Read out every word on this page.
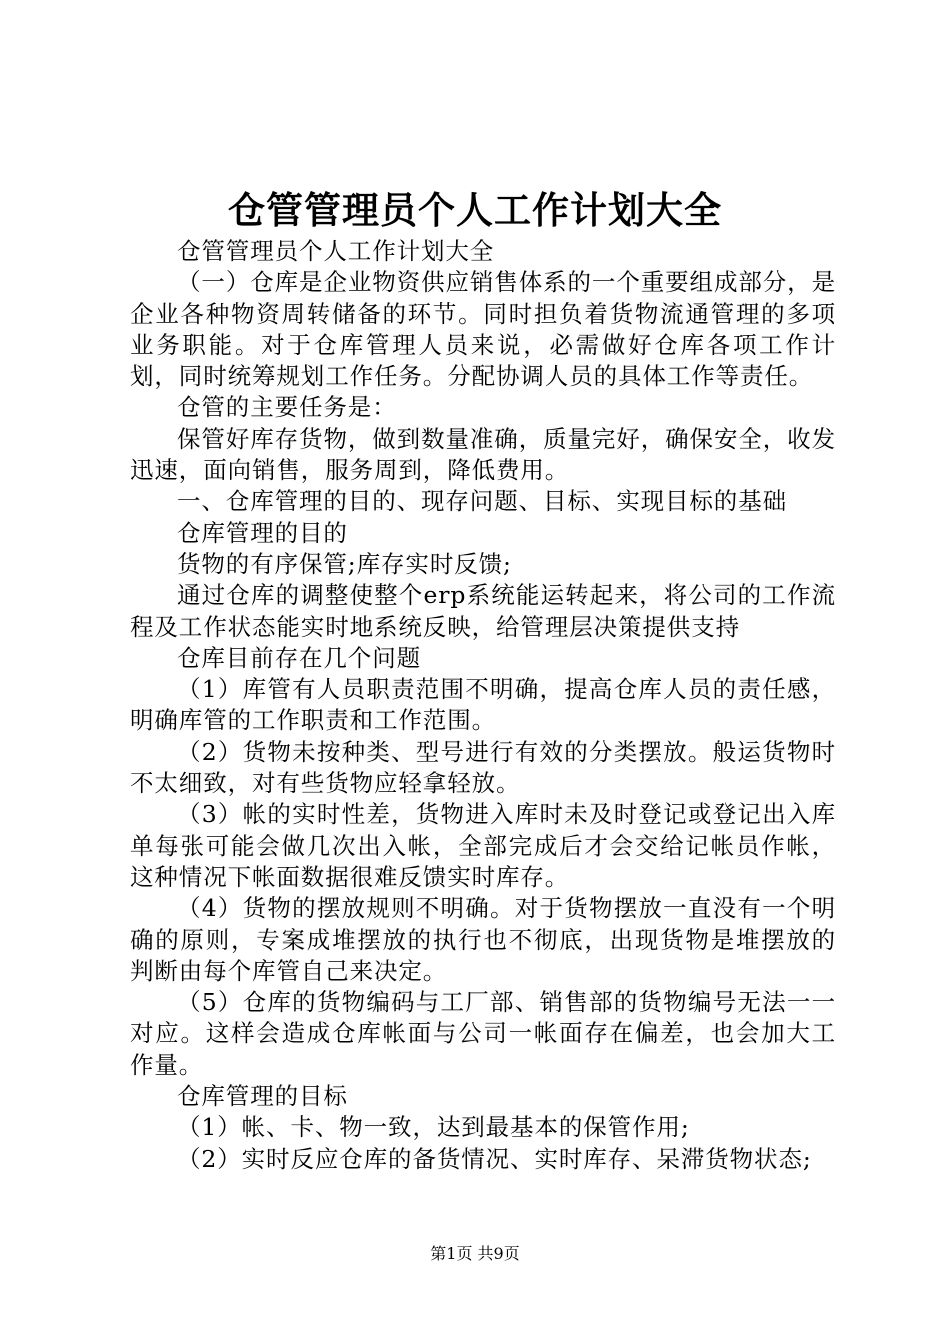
仓管管理员个人工作计划大全

仓管管理员个人工作计划大全

（一）仓库是企业物资供应销售体系的一个重要组成部分，是企业各种物资周转储备的环节。同时担负着货物流通管理的多项业务职能。对于仓库管理人员来说，必需做好仓库各项工作计划，同时统筹规划工作任务。分配协调人员的具体工作等责任。

仓管的主要任务是：

保管好库存货物，做到数量准确，质量完好，确保安全，收发迅速，面向销售，服务周到，降低费用。

一、仓库管理的目的、现存问题、目标、实现目标的基础

仓库管理的目的

货物的有序保管;库存实时反馈;

通过仓库的调整使整个erp系统能运转起来，将公司的工作流程及工作状态能实时地系统反映，给管理层决策提供支持

仓库目前存在几个问题

（1）库管有人员职责范围不明确，提高仓库人员的责任感，明确库管的工作职责和工作范围。

（2）货物未按种类、型号进行有效的分类摆放。般运货物时不太细致，对有些货物应轻拿轻放。

（3）帐的实时性差，货物进入库时未及时登记或登记出入库单每张可能会做几次出入帐，全部完成后才会交给记帐员作帐，这种情况下帐面数据很难反馈实时库存。

（4）货物的摆放规则不明确。对于货物摆放一直没有一个明确的原则，专案成堆摆放的执行也不彻底，出现货物是堆摆放的判断由每个库管自己来决定。

（5）仓库的货物编码与工厂部、销售部的货物编号无法一一对应。这样会造成仓库帐面与公司一帐面存在偏差，也会加大工作量。

仓库管理的目标

（1）帐、卡、物一致，达到最基本的保管作用;

（2）实时反应仓库的备货情况、实时库存、呆滞货物状态;

第1页 共9页
